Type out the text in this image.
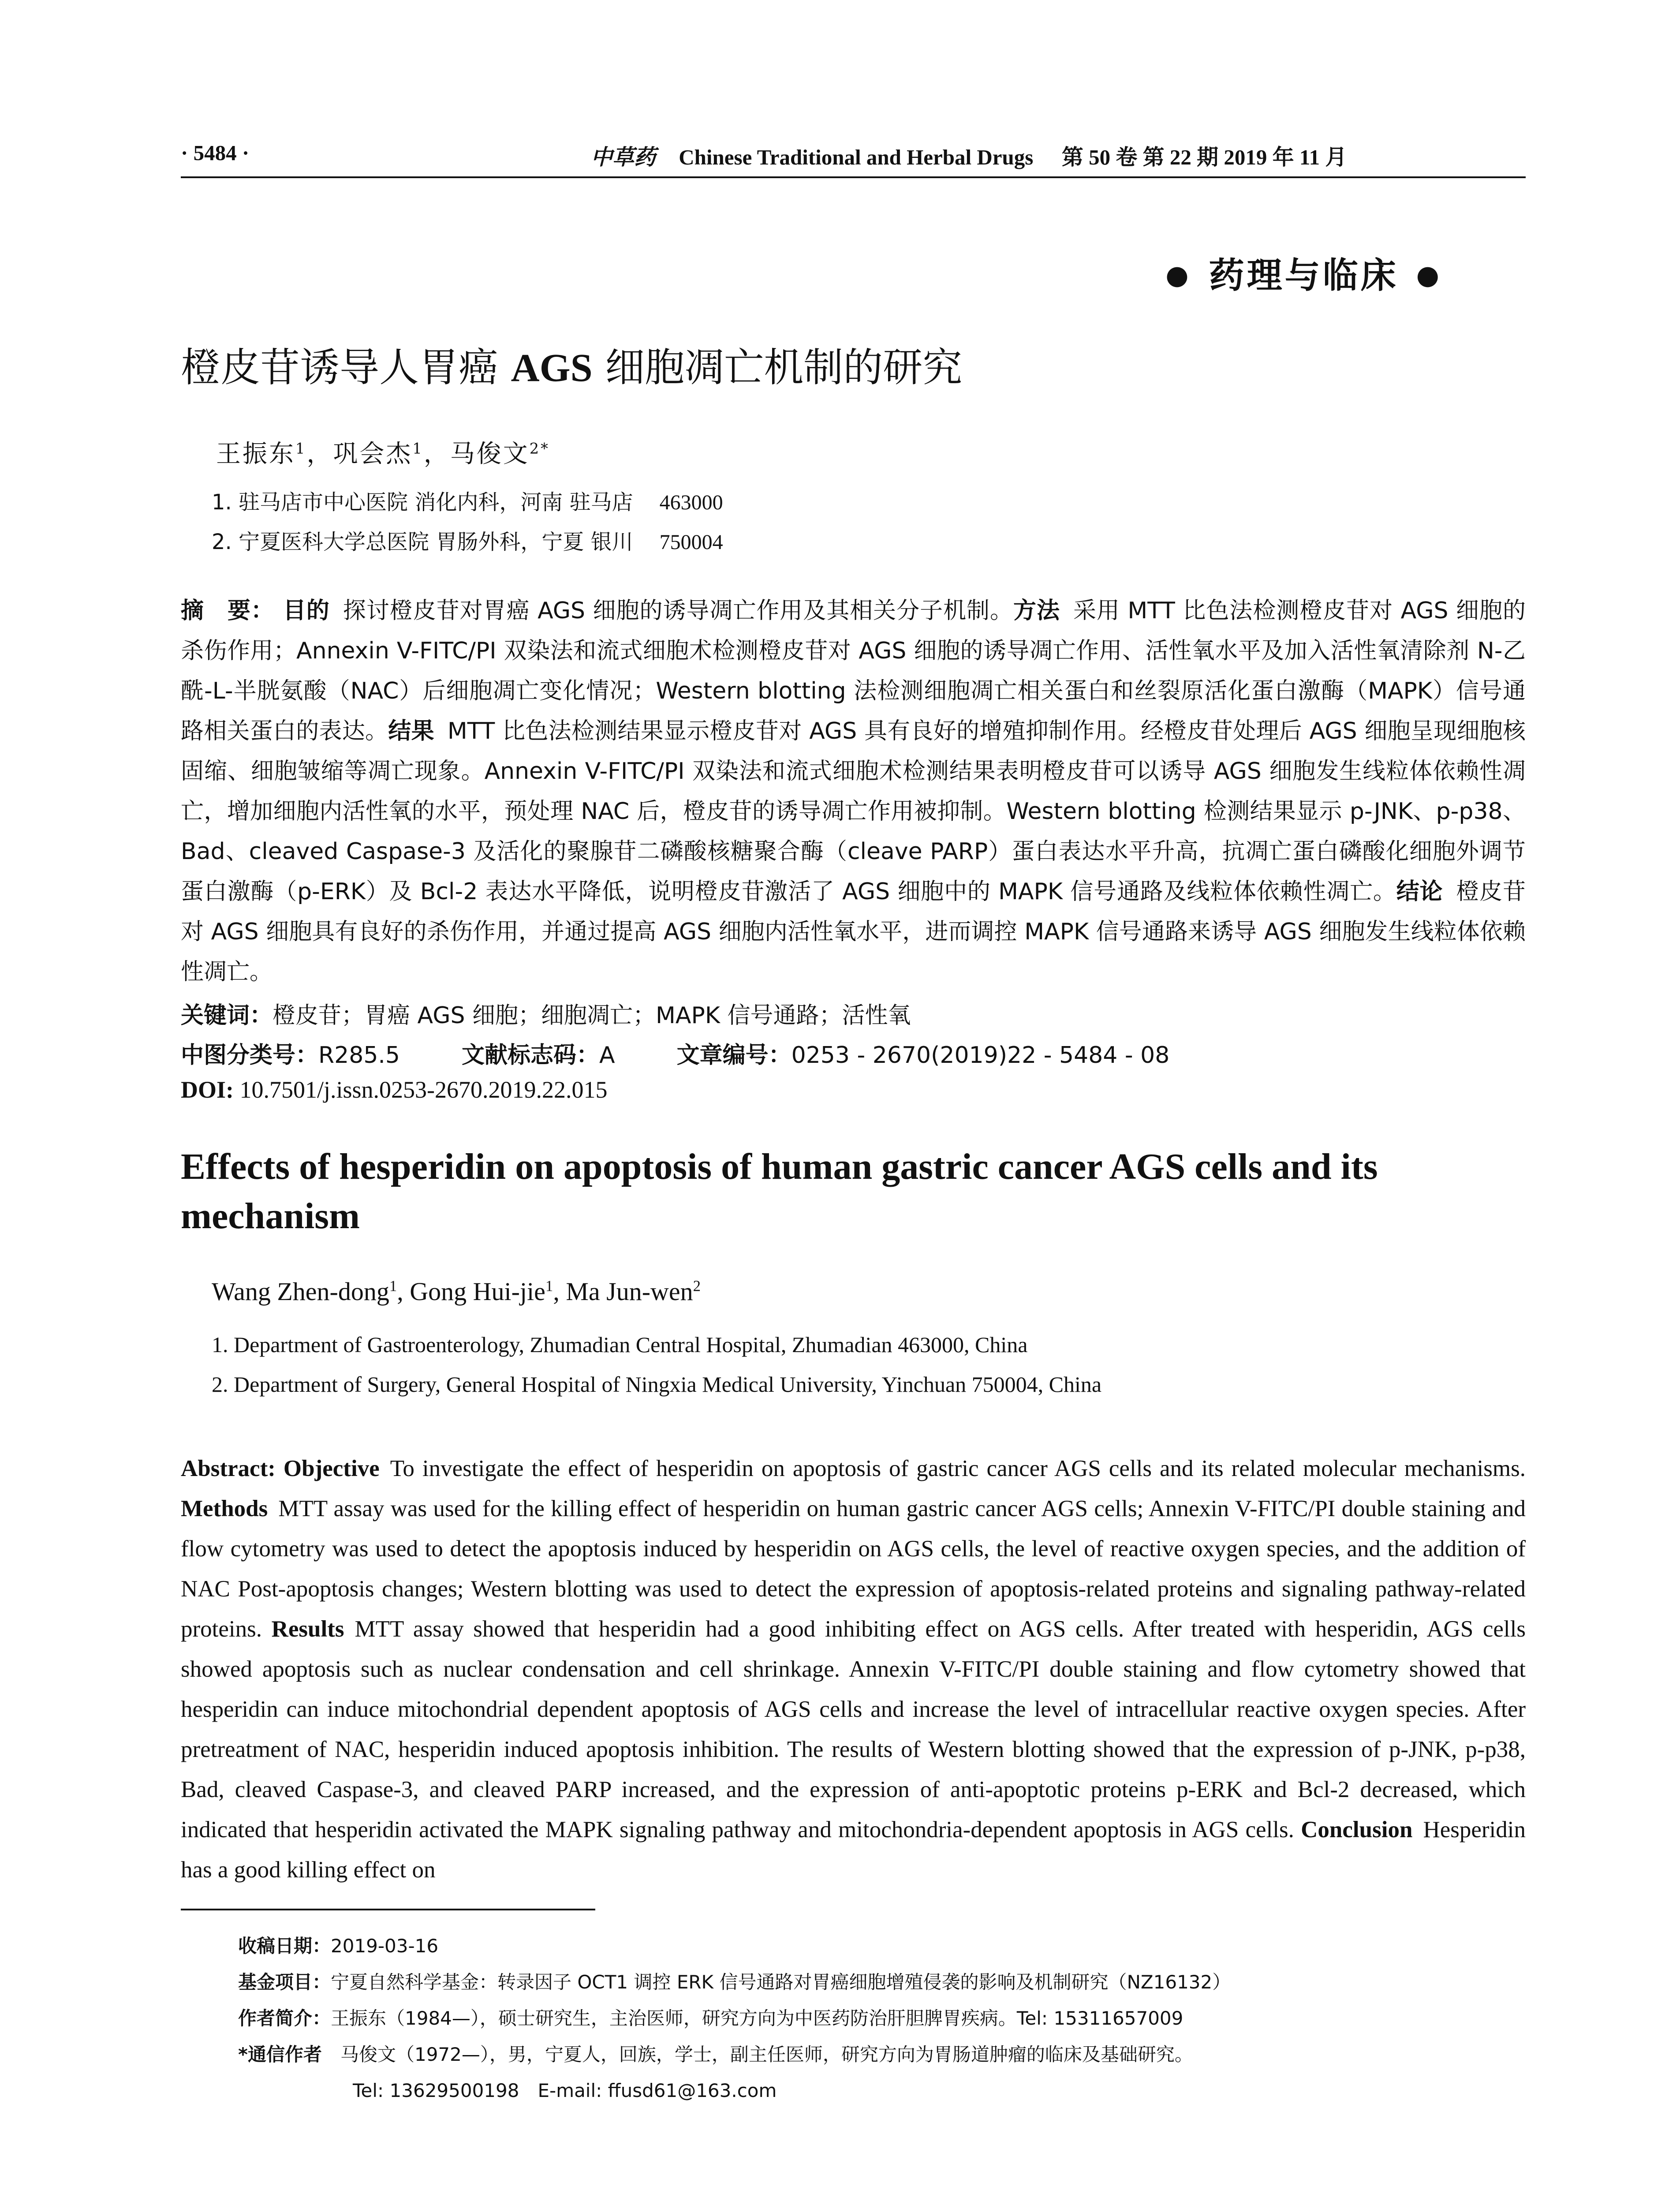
· 5484 ·	中草药 Chinese Traditional and Herbal Drugs 第 50 卷 第 22 期 2019 年 11 月
● 药理与临床 ●
橙皮苷诱导人胃癌 AGS 细胞凋亡机制的研究
王振东$^1$，巩会杰$^1$，马俊文$^{2*}$
1. 驻马店市中心医院 消化内科，河南 驻马店 463000
2. 宁夏医科大学总医院 胃肠外科，宁夏 银川 750004
摘　要： 目的 探讨橙皮苷对胃癌 AGS 细胞的诱导凋亡作用及其相关分子机制。方法 采用 MTT 比色法检测橙皮苷对 AGS 细胞的杀伤作用；Annexin V-FITC/PI 双染法和流式细胞术检测橙皮苷对 AGS 细胞的诱导凋亡作用、活性氧水平及加入活性氧清除剂 N-乙酰-L-半胱氨酸（NAC）后细胞凋亡变化情况；Western blotting 法检测细胞凋亡相关蛋白和丝裂原活化蛋白激酶（MAPK）信号通路相关蛋白的表达。结果 MTT 比色法检测结果显示橙皮苷对 AGS 具有良好的增殖抑制作用。经橙皮苷处理后 AGS 细胞呈现细胞核固缩、细胞皱缩等凋亡现象。Annexin V-FITC/PI 双染法和流式细胞术检测结果表明橙皮苷可以诱导 AGS 细胞发生线粒体依赖性凋亡，增加细胞内活性氧的水平，预处理 NAC 后，橙皮苷的诱导凋亡作用被抑制。Western blotting 检测结果显示 p-JNK、p-p38、Bad、cleaved Caspase-3 及活化的聚腺苷二磷酸核糖聚合酶（cleave PARP）蛋白表达水平升高，抗凋亡蛋白磷酸化细胞外调节蛋白激酶（p-ERK）及 Bcl-2 表达水平降低，说明橙皮苷激活了 AGS 细胞中的 MAPK 信号通路及线粒体依赖性凋亡。结论 橙皮苷对 AGS 细胞具有良好的杀伤作用，并通过提高 AGS 细胞内活性氧水平，进而调控 MAPK 信号通路来诱导 AGS 细胞发生线粒体依赖性凋亡。
关键词：橙皮苷；胃癌 AGS 细胞；细胞凋亡；MAPK 信号通路；活性氧
中图分类号：R285.5	文献标志码：A	文章编号：0253 - 2670(2019)22 - 5484 - 08
DOI: 10.7501/j.issn.0253-2670.2019.22.015
Effects of hesperidin on apoptosis of human gastric cancer AGS cells and its mechanism
Wang Zhen-dong$^1$, Gong Hui-jie$^1$, Ma Jun-wen$^2$
1. Department of Gastroenterology, Zhumadian Central Hospital, Zhumadian 463000, China
2. Department of Surgery, General Hospital of Ningxia Medical University, Yinchuan 750004, China
Abstract: Objective To investigate the effect of hesperidin on apoptosis of gastric cancer AGS cells and its related molecular mechanisms. Methods MTT assay was used for the killing effect of hesperidin on human gastric cancer AGS cells; Annexin V-FITC/PI double staining and flow cytometry was used to detect the apoptosis induced by hesperidin on AGS cells, the level of reactive oxygen species, and the addition of NAC Post-apoptosis changes; Western blotting was used to detect the expression of apoptosis-related proteins and signaling pathway-related proteins. Results MTT assay showed that hesperidin had a good inhibiting effect on AGS cells. After treated with hesperidin, AGS cells showed apoptosis such as nuclear condensation and cell shrinkage. Annexin V-FITC/PI double staining and flow cytometry showed that hesperidin can induce mitochondrial dependent apoptosis of AGS cells and increase the level of intracellular reactive oxygen species. After pretreatment of NAC, hesperidin induced apoptosis inhibition. The results of Western blotting showed that the expression of p-JNK, p-p38, Bad, cleaved Caspase-3, and cleaved PARP increased, and the expression of anti-apoptotic proteins p-ERK and Bcl-2 decreased, which indicated that hesperidin activated the MAPK signaling pathway and mitochondria-dependent apoptosis in AGS cells. Conclusion Hesperidin has a good killing effect on
收稿日期：2019-03-16
基金项目：宁夏自然科学基金：转录因子 OCT1 调控 ERK 信号通路对胃癌细胞增殖侵袭的影响及机制研究（NZ16132）
作者简介：王振东（1984—），硕士研究生，主治医师，研究方向为中医药防治肝胆脾胃疾病。Tel: 15311657009
*通信作者　 马俊文（1972—），男，宁夏人，回族，学士，副主任医师，研究方向为胃肠道肿瘤的临床及基础研究。
Tel: 13629500198　E-mail: ffusd61@163.com
